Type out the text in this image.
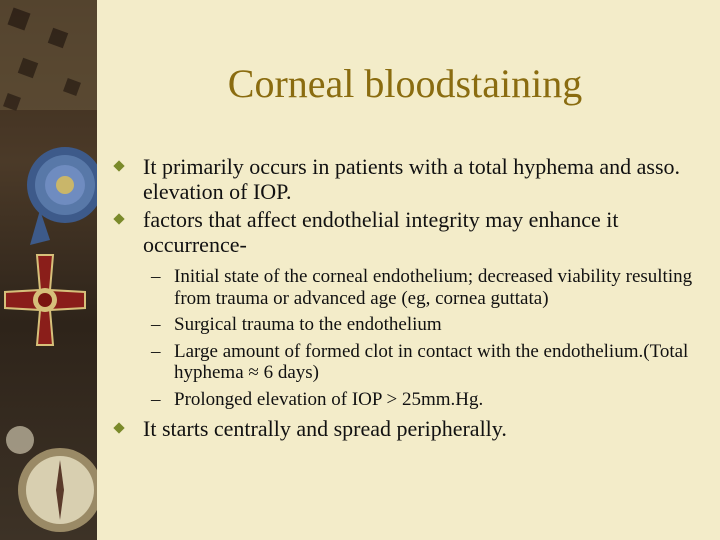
Corneal bloodstaining
It primarily occurs in patients with a total hyphema and asso. elevation of IOP.
factors that affect endothelial integrity may enhance it occurrence-
– Initial state of the corneal endothelium; decreased viability resulting from trauma or advanced age (eg, cornea guttata)
– Surgical trauma to the endothelium
– Large amount of formed clot in contact with the endothelium.(Total hyphema ≈ 6 days)
– Prolonged elevation of IOP > 25mm.Hg.
It starts centrally and spread peripherally.
